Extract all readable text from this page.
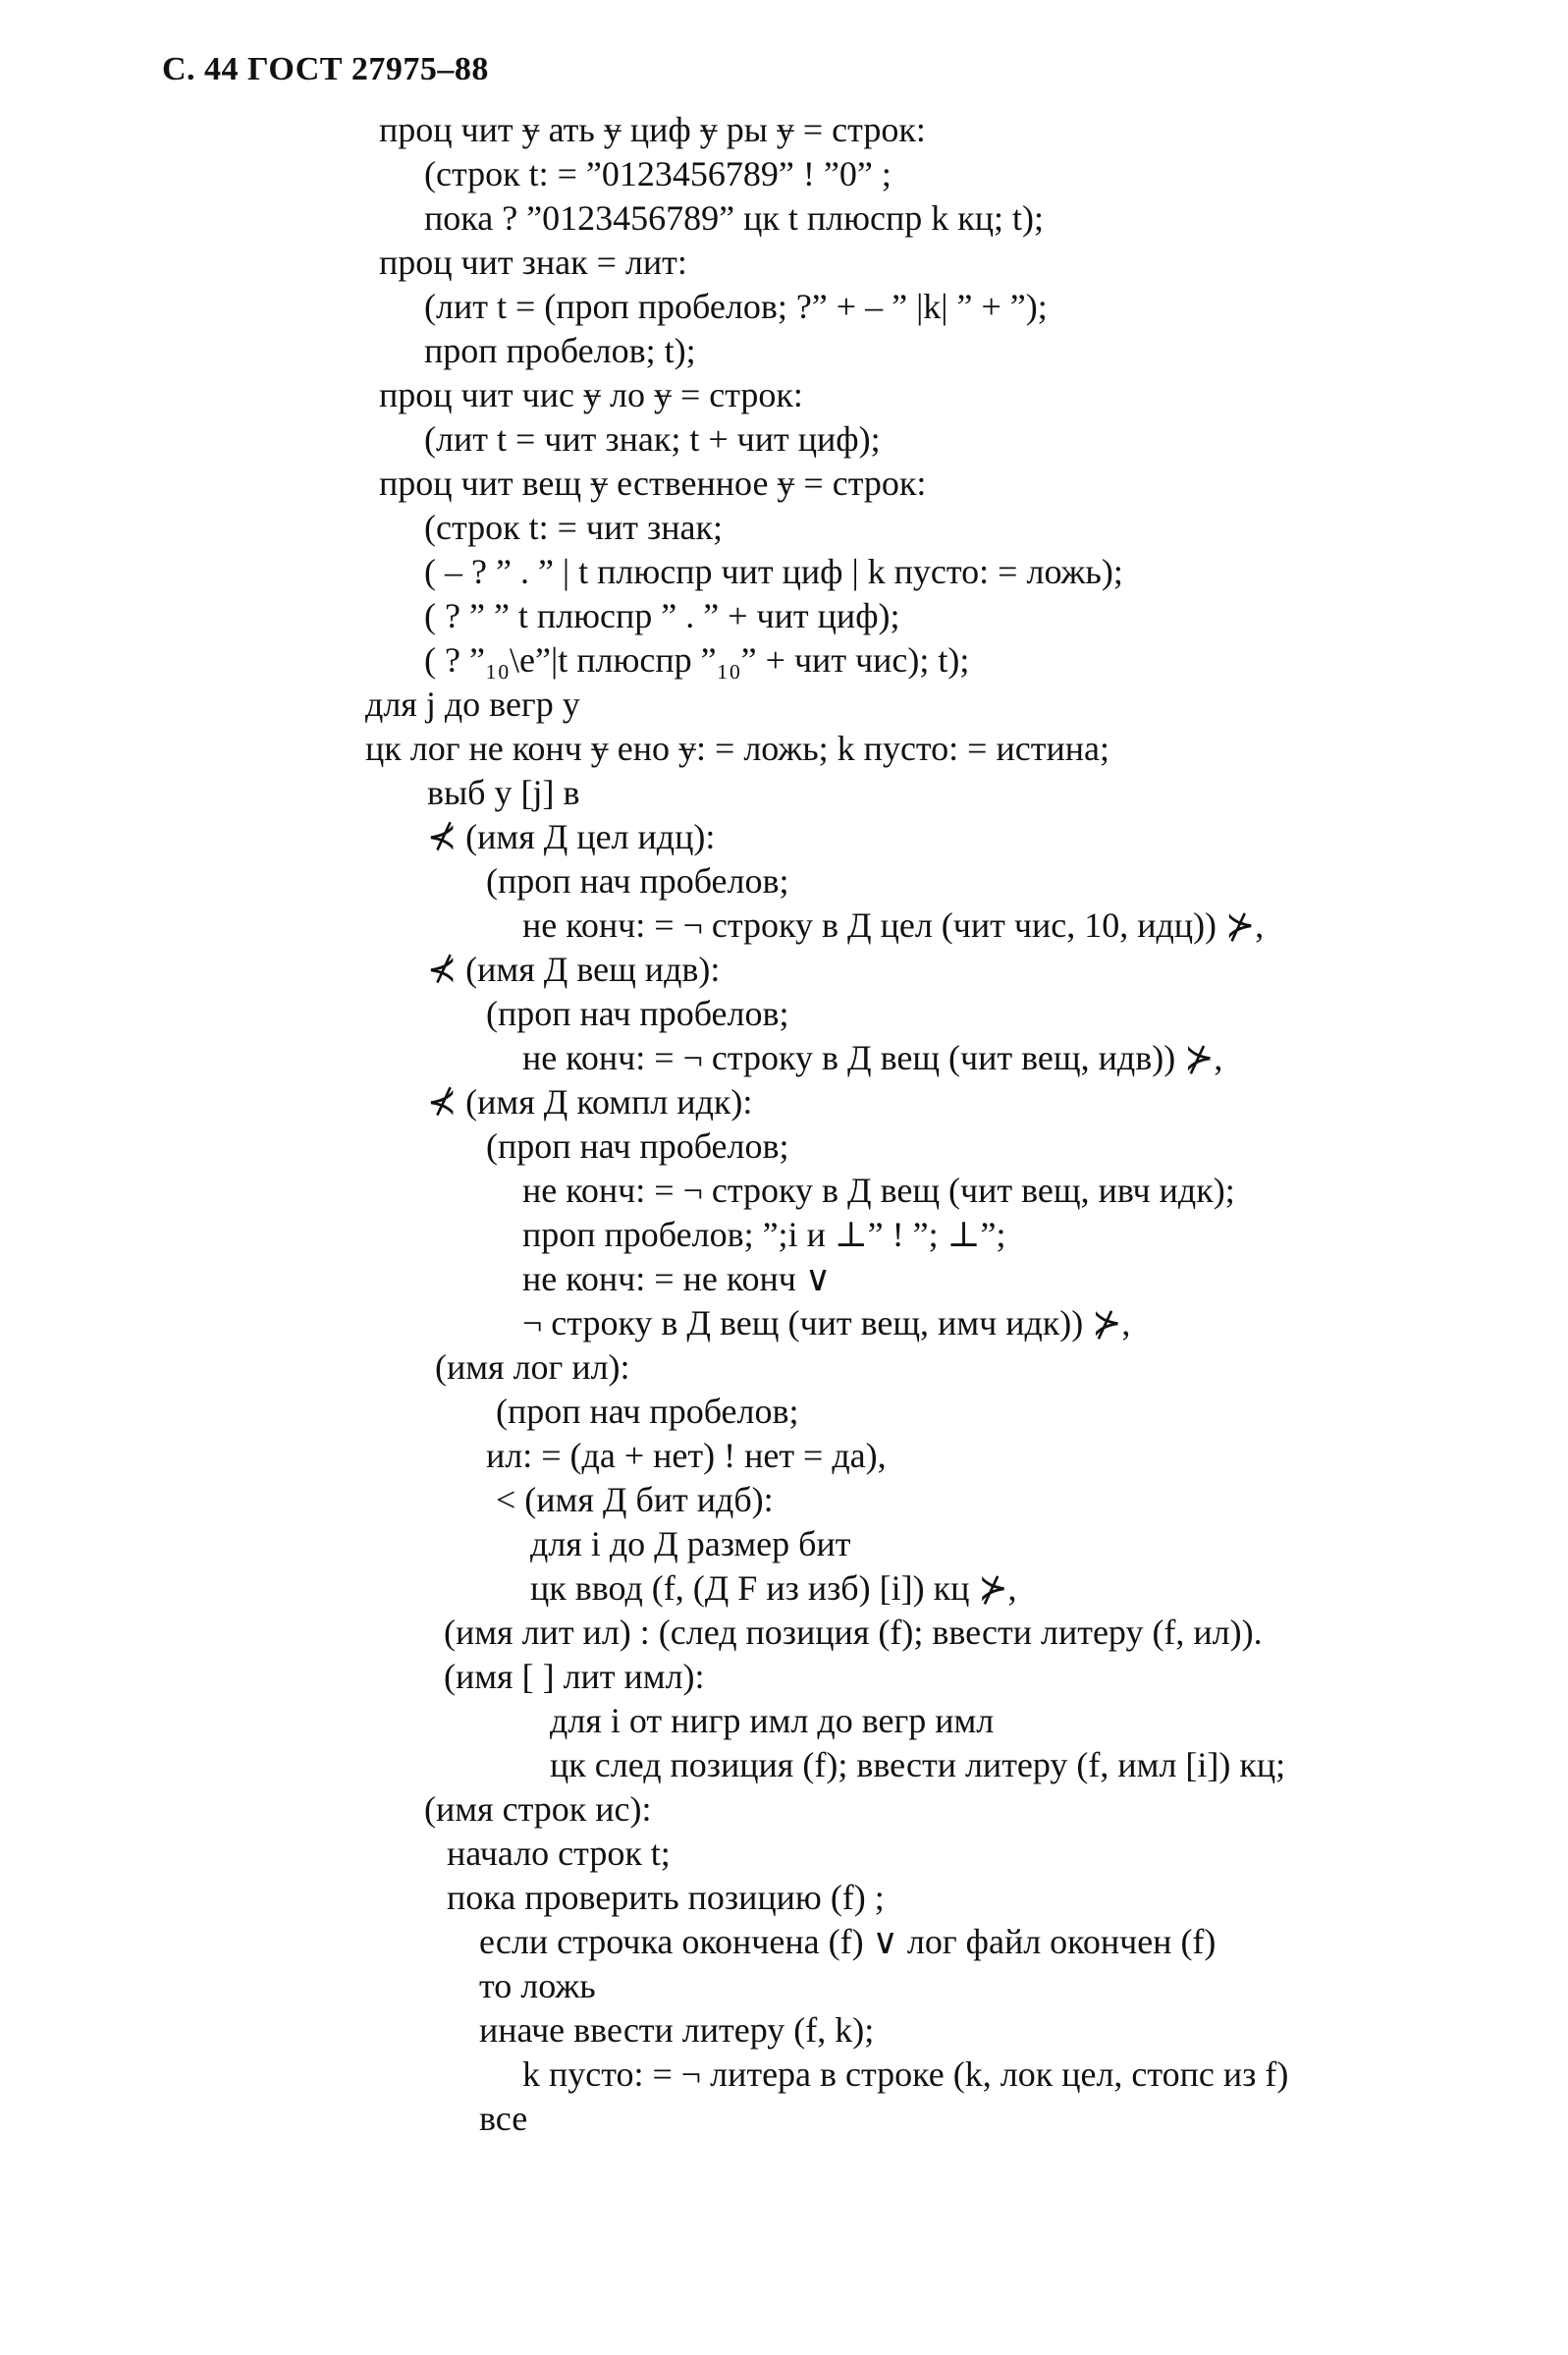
С. 44 ГОСТ 27975–88
проц чит ɏ ать ɏ циф ɏ ры ɏ = строк:
(строк t: = ”0123456789” ! ”0” ;
пока ? ”0123456789” цк t плюспр k кц; t);
проц чит знак = лит:
(лит t = (проп пробелов; ?” + – ” |k| ” + ”);
проп пробелов; t);
проц чит чис ɏ ло ɏ = строк:
(лит t = чит знак; t + чит циф);
проц чит вещ ɏ ественное ɏ = строк:
(строк t: = чит знак;
( – ? ” . ” | t плюспр чит циф | k пусто: = ложь);
( ? ” ” t плюспр ” . ” + чит циф);
( ? ”₁₀\e”|t плюспр ”₁₀” + чит чис); t);
для j до вегр у
цк лог не конч ɏ ено ɏ: = ложь; k пусто: = истина;
выб у [j] в
⊀ (имя Д цел идц):
(проп нач пробелов;
не конч: = ¬ строку в Д цел (чит чис, 10, идц)) ⊁,
⊀ (имя Д вещ идв):
(проп нач пробелов;
не конч: = ¬ строку в Д вещ (чит вещ, идв)) ⊁,
⊀ (имя Д компл идк):
(проп нач пробелов;
не конч: = ¬ строку в Д вещ (чит вещ, ивч идк);
проп пробелов; ”;i и ⊥” ! ”; ⊥”;
не конч: = не конч ∨
¬ строку в Д вещ (чит вещ, имч идк)) ⊁,
(имя лог ил):
(проп нач пробелов;
ил: = (да + нет) ! нет = да),
< (имя Д бит идб):
для i до Д размер бит
цк ввод (f, (Д F из изб) [i]) кц ⊁,
(имя лит ил) : (след позиция (f); ввести литеру (f, ил)).
(имя [ ] лит имл):
для i от нигр имл до вегр имл
цк след позиция (f); ввести литеру (f, имл [i]) кц;
(имя строк ис):
начало строк t;
пока проверить позицию (f) ;
если строчка окончена (f) ∨ лог файл окончен (f)
то ложь
иначе ввести литеру (f, k);
k пусто: = ¬ литера в строке (k, лок цел, стопс из f)
все
